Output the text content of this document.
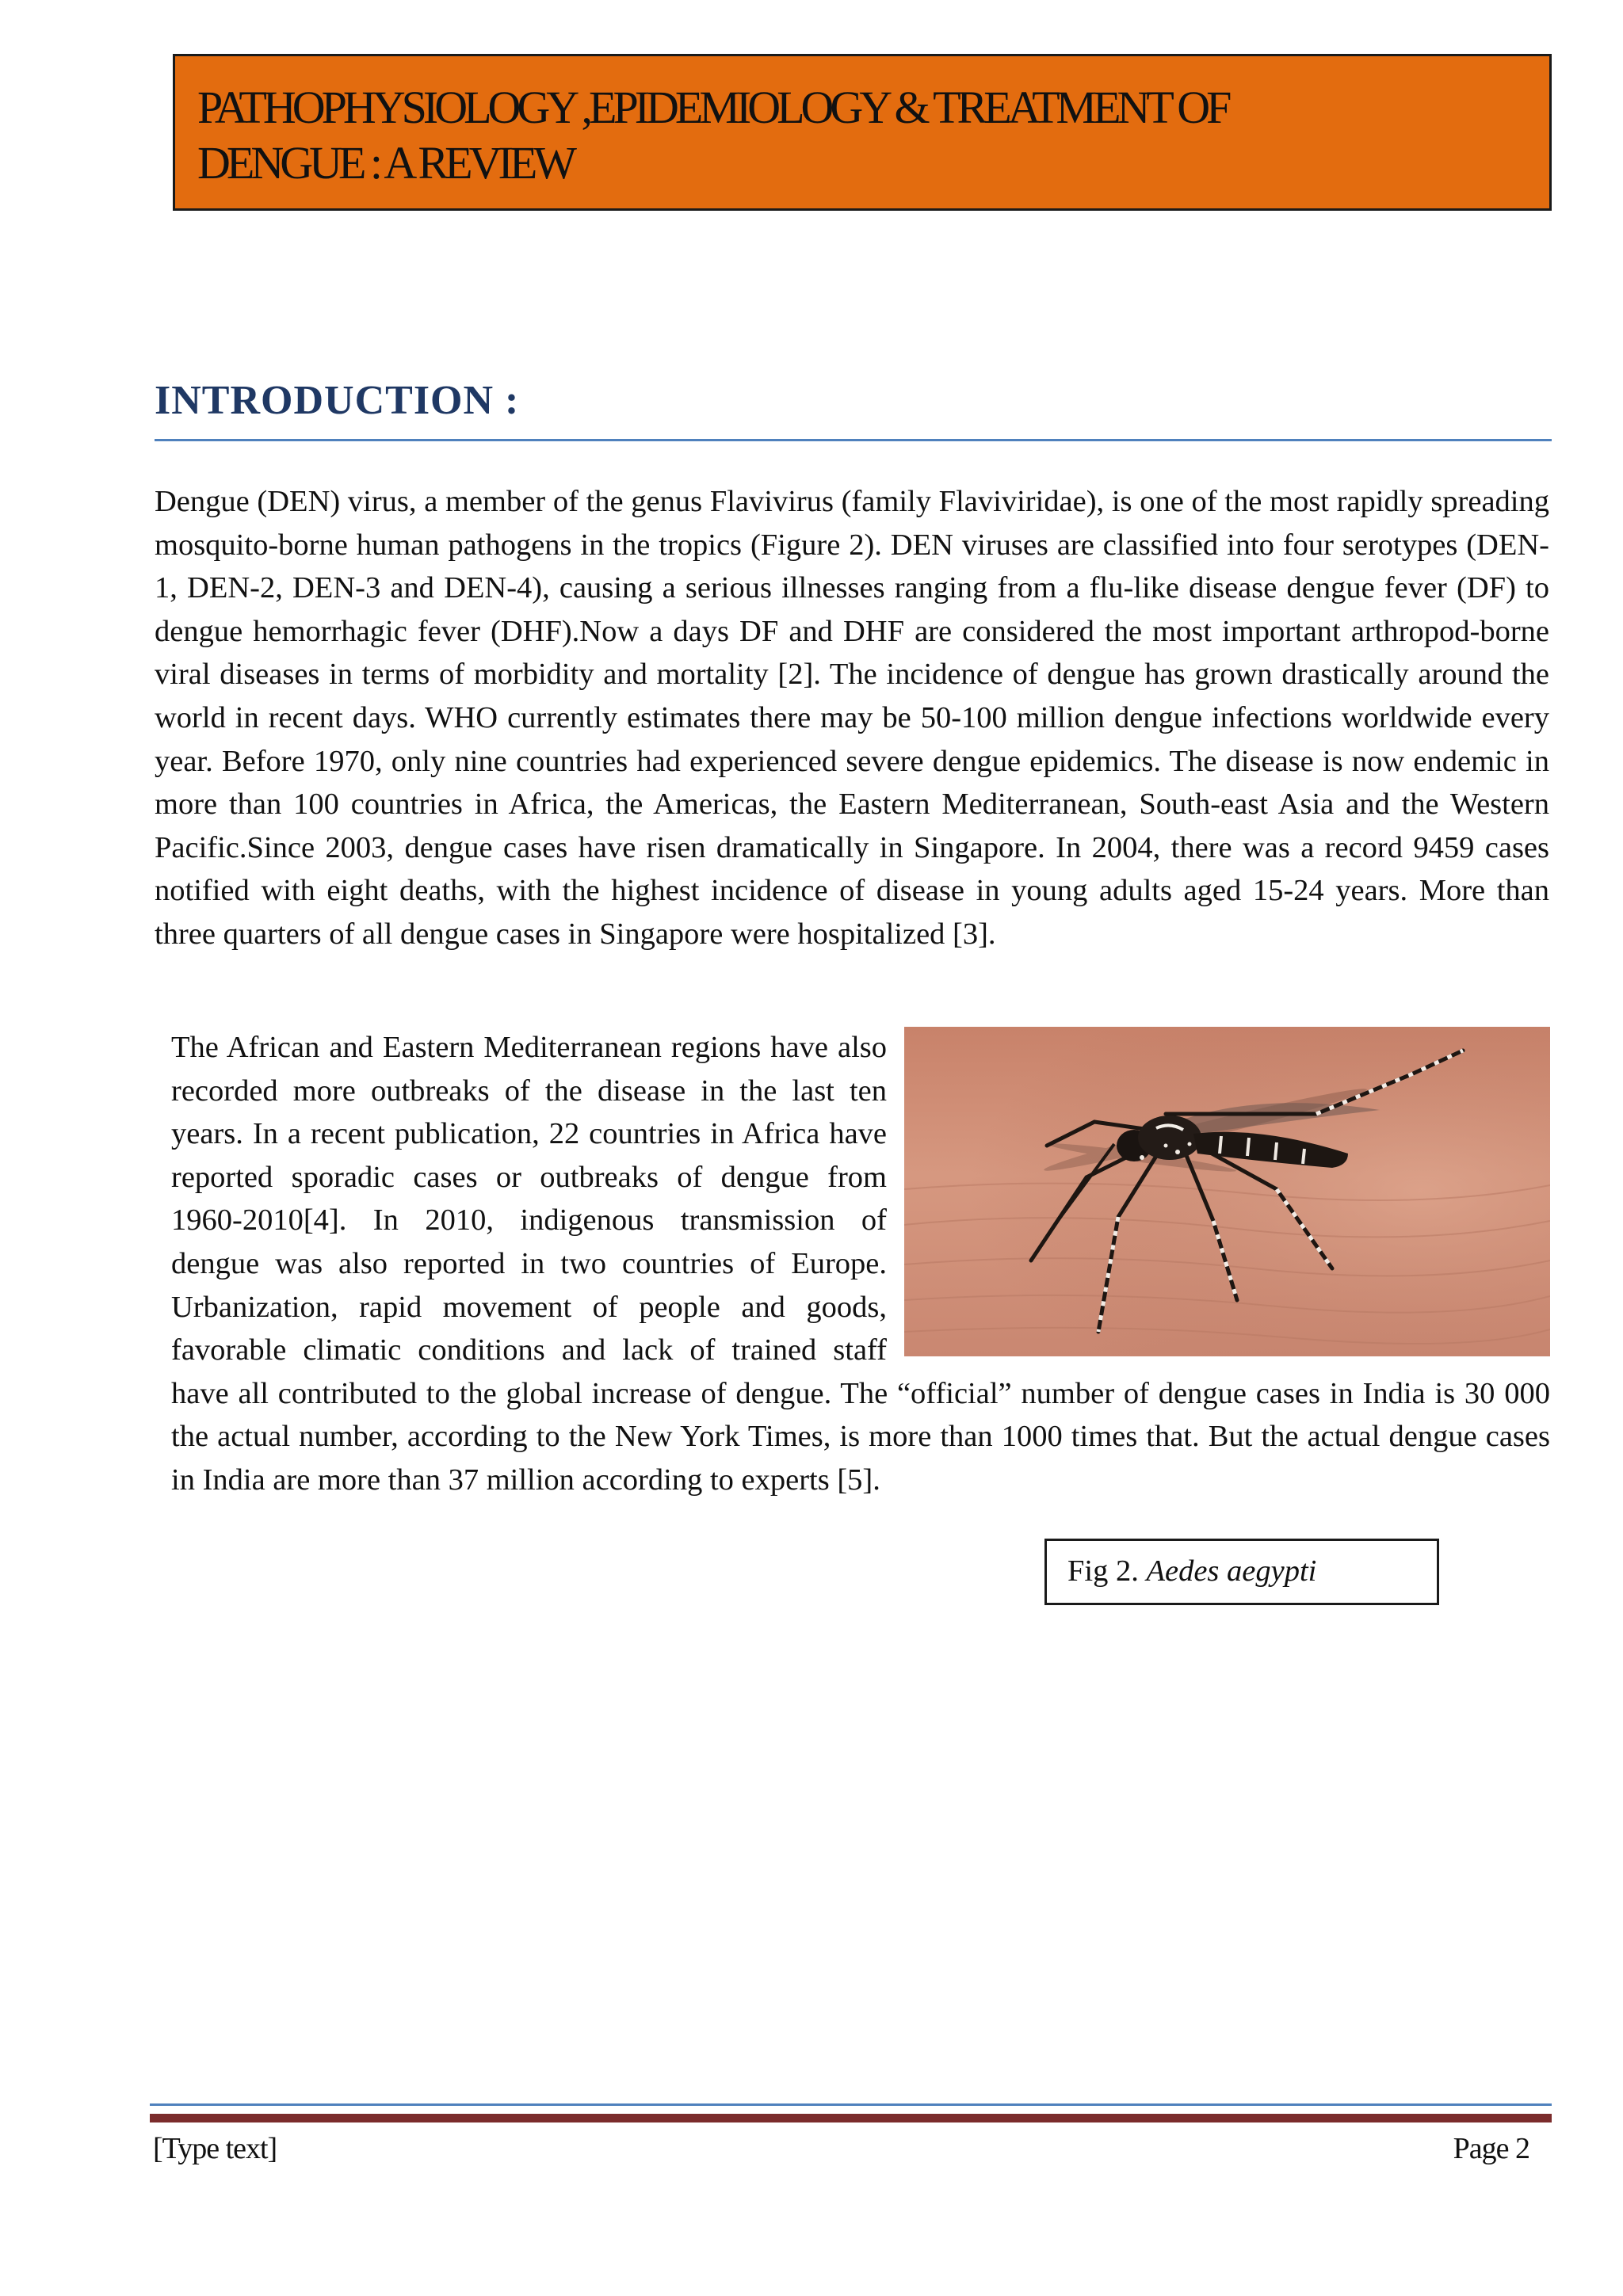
PATHOPHYSIOLOGY ,EPIDEMIOLOGY & TREATMENT OF
DENGUE : A REVIEW
INTRODUCTION :

Dengue (DEN) virus, a member of the genus Flavivirus (family Flaviviridae), is one of the most rapidly spreading mosquito-borne human pathogens in the tropics (Figure 2). DEN viruses are classified into four serotypes (DEN-1, DEN-2, DEN-3 and DEN-4), causing a serious illnesses ranging from a flu-like disease dengue fever (DF) to dengue hemorrhagic fever (DHF).Now a days DF and DHF are considered the most important arthropod-borne viral diseases in terms of morbidity and mortality [2]. The incidence of dengue has grown drastically around the world in recent days. WHO currently estimates there may be 50-100 million dengue infections worldwide every year. Before 1970, only nine countries had experienced severe dengue epidemics. The disease is now endemic in more than 100 countries in Africa, the Americas, the Eastern Mediterranean, South-east Asia and the Western Pacific.Since 2003, dengue cases have risen dramatically in Singapore. In 2004, there was a record 9459 cases notified with eight deaths, with the highest incidence of disease in young adults aged 15-24 years. More than three quarters of all dengue cases in Singapore were hospitalized [3].

The African and Eastern Mediterranean regions have also recorded more outbreaks of the disease in the last ten years. In a recent publication, 22 countries in Africa have reported sporadic cases or outbreaks of dengue from 1960-2010[4]. In 2010, indigenous transmission of dengue was also reported in two countries of Europe. Urbanization, rapid movement of people and goods, favorable climatic conditions and lack of trained staff have all contributed to the global increase of dengue. The “official” number of dengue cases in India is 30 000 the actual number, according to the New York Times, is more than 1000 times that. But the actual dengue cases in India are more than 37 million according to experts [5].
Fig 2. Aedes aegypti
[Type text]	Page 2
